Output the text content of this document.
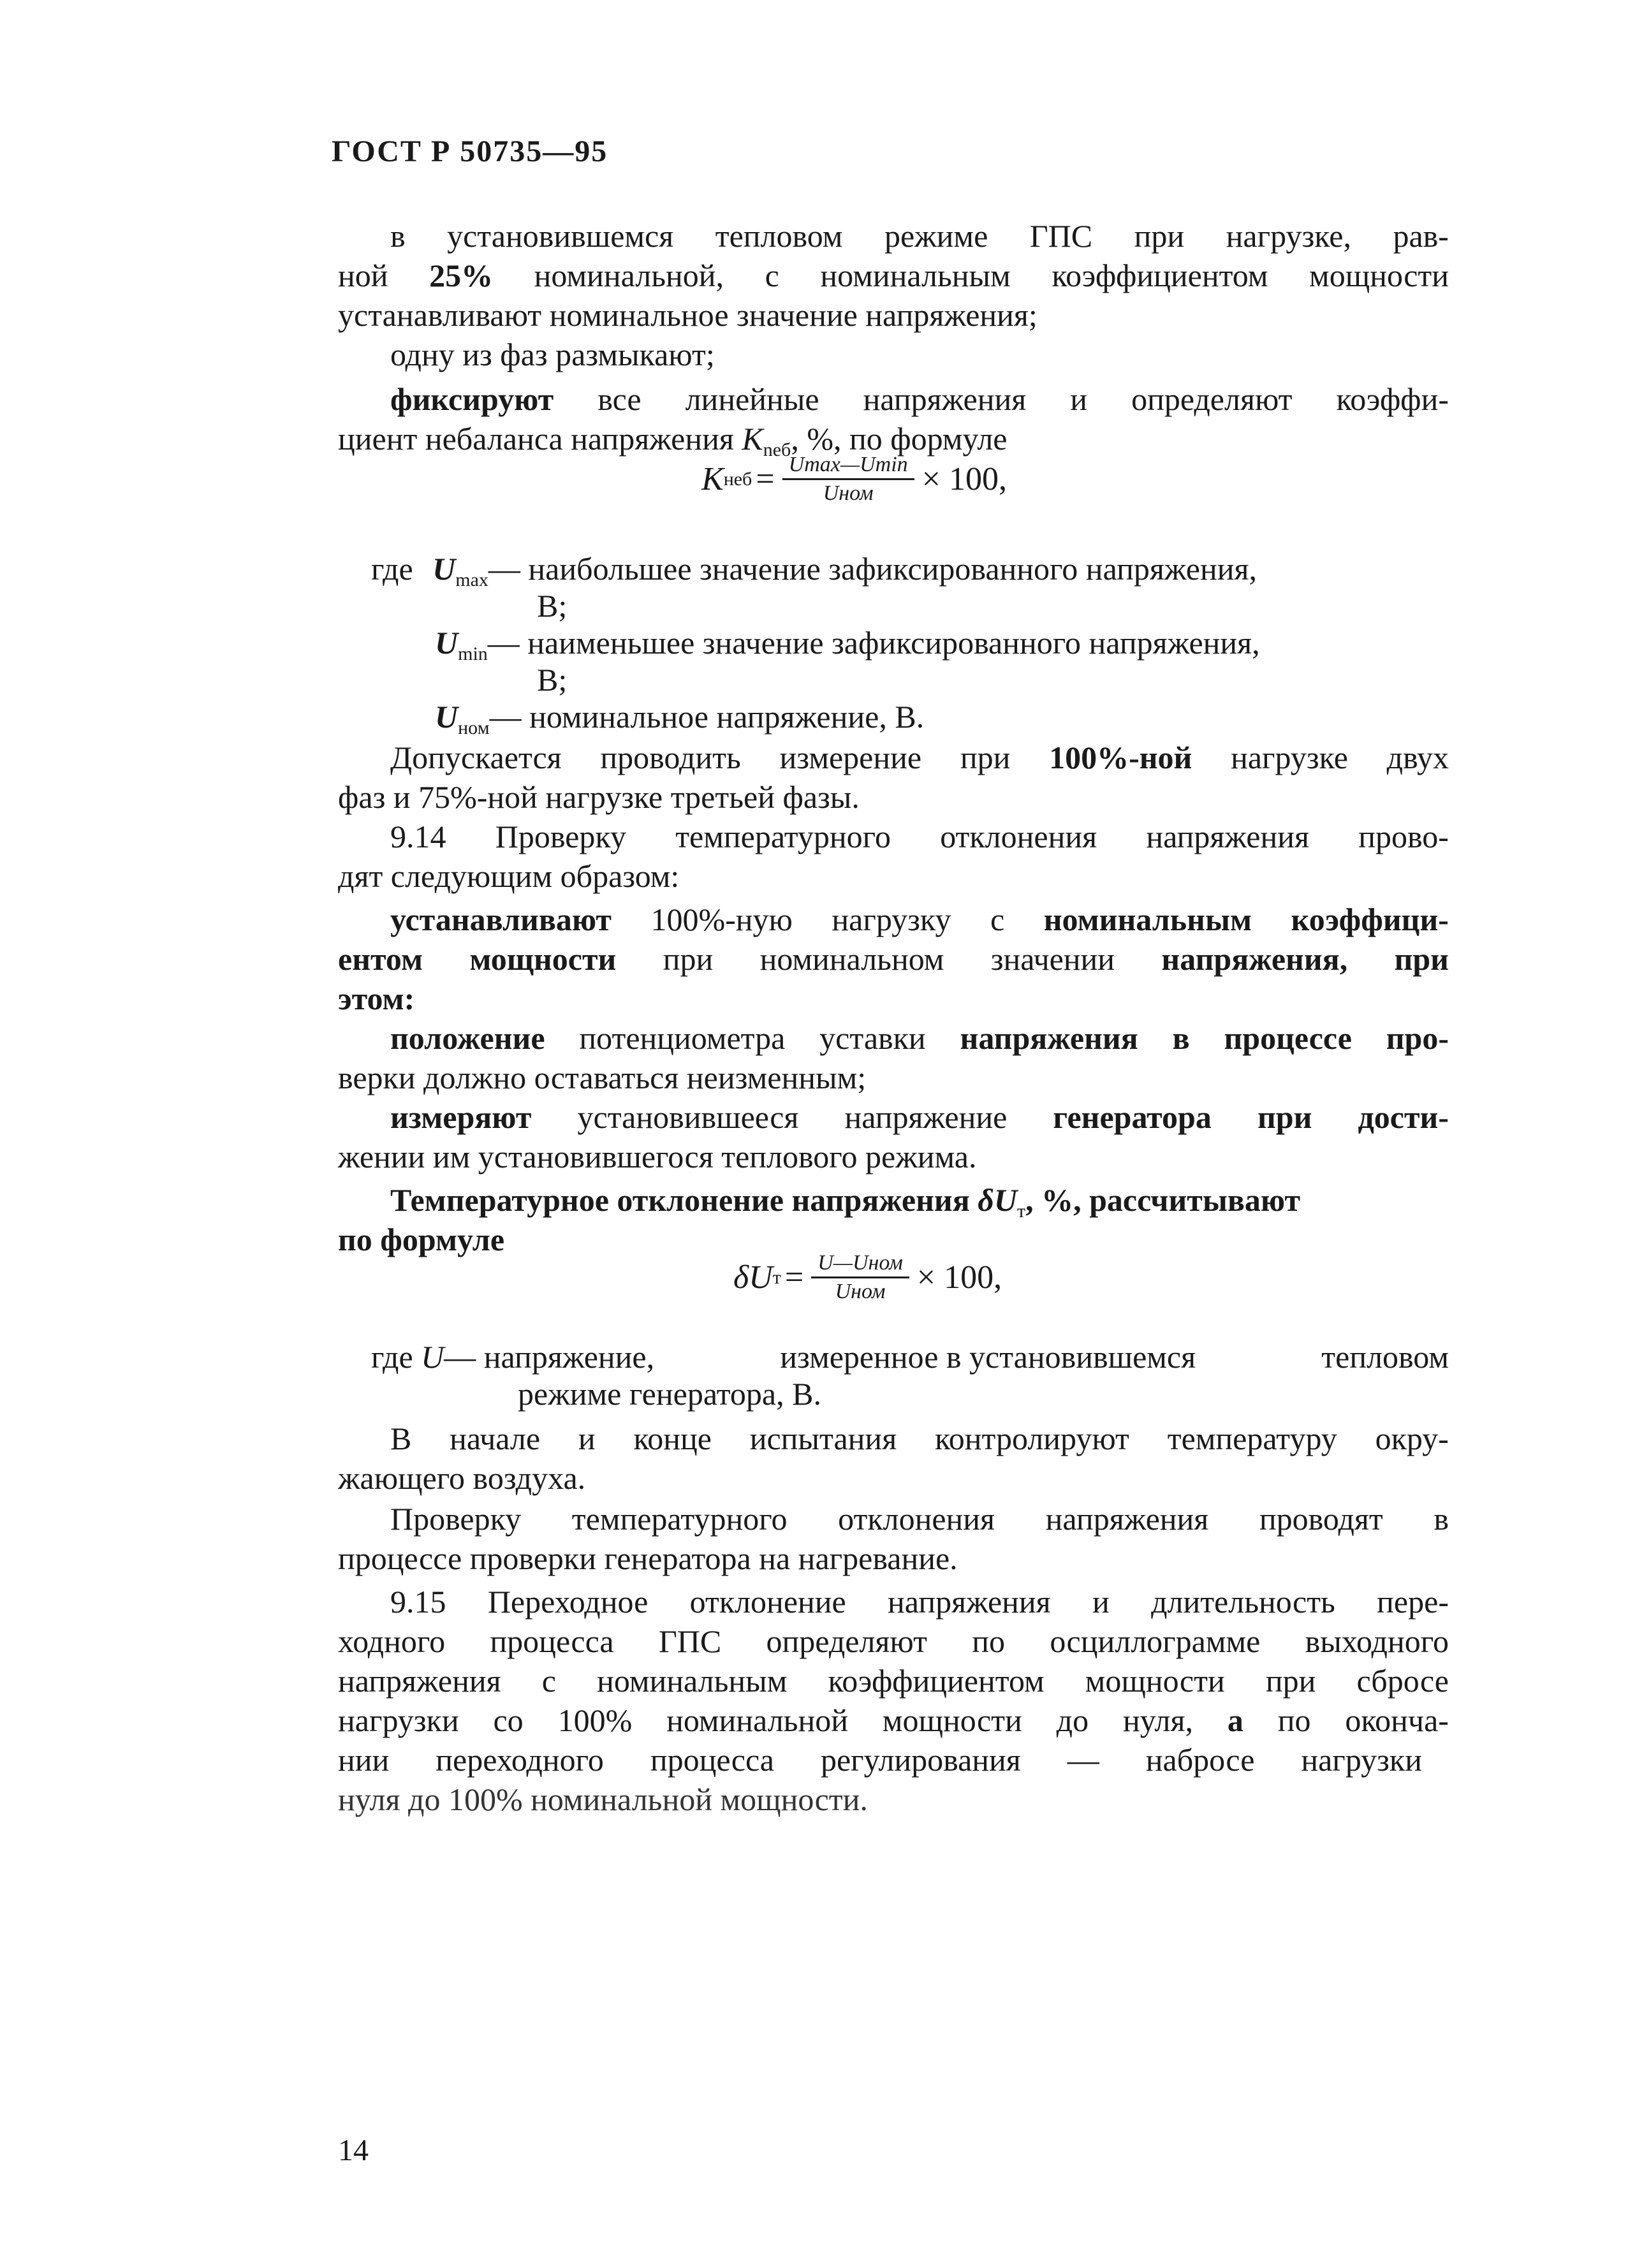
ГОСТ Р 50735—95
в установившемся тепловом режиме ГПС при нагрузке, рав-
ной 25% номинальной, с номинальным коэффициентом мощности
устанавливают номинальное значение напряжения;
одну из фаз размыкают;
фиксируют все линейные напряжения и определяют коэффи-
циент небаланса напряжения $K_{neб}$, %, по формуле
K неб = $\frac{Umax—Umin}{\text{Uном}} \times 100$,
где $U_{max}—$ наибольшее значение зафиксированного напряжения,
В;
$U_{min}—$ наименьшее значение зафиксированного напряжения,
В;
$U_{ном}—$ номинальное напряжение, В.
Допускается проводить измерение при 100%-ной нагрузке двух
фаз и 75%-ной нагрузке третьей фазы.
9.14 Проверку температурного отклонения напряжения прово-
дят следующим образом:
устанавливают 100%-ную нагрузку с номинальным коэффици-
ентом мощности при номинальном значении напряжения, при
этом:
положение потенциометра уставки напряжения в процессе про-
верки должно оставаться неизменным;
измеряют установившееся напряжение генератора при дости-
жении им установившегося теплового режима.
Температурное отклонение напряжения $\delta U_т$, %, рассчитывают
по формуле
δU $т = \frac{\text{U—Uном}}{\text{Uном}} \times 100$,
где U— напряжение,	измеренное в установившемся	тепловом
режиме генератора, В.
В начале и конце испытания контролируют температуру окру-
жающего воздуха.
Проверку температурного отклонения напряжения проводят в
процессе проверки генератора на нагревание.
9.15 Переходное отклонение напряжения и длительность пере-
ходного процесса ГПС определяют по осциллограмме выходного
напряжения с номинальным коэффициентом мощности при сбросе
нагрузки со 100% номинальной мощности до нуля, а по оконча-
нии переходного процесса регулирования — набросе нагрузки
нуля до 100% номинальной мощности.
14
